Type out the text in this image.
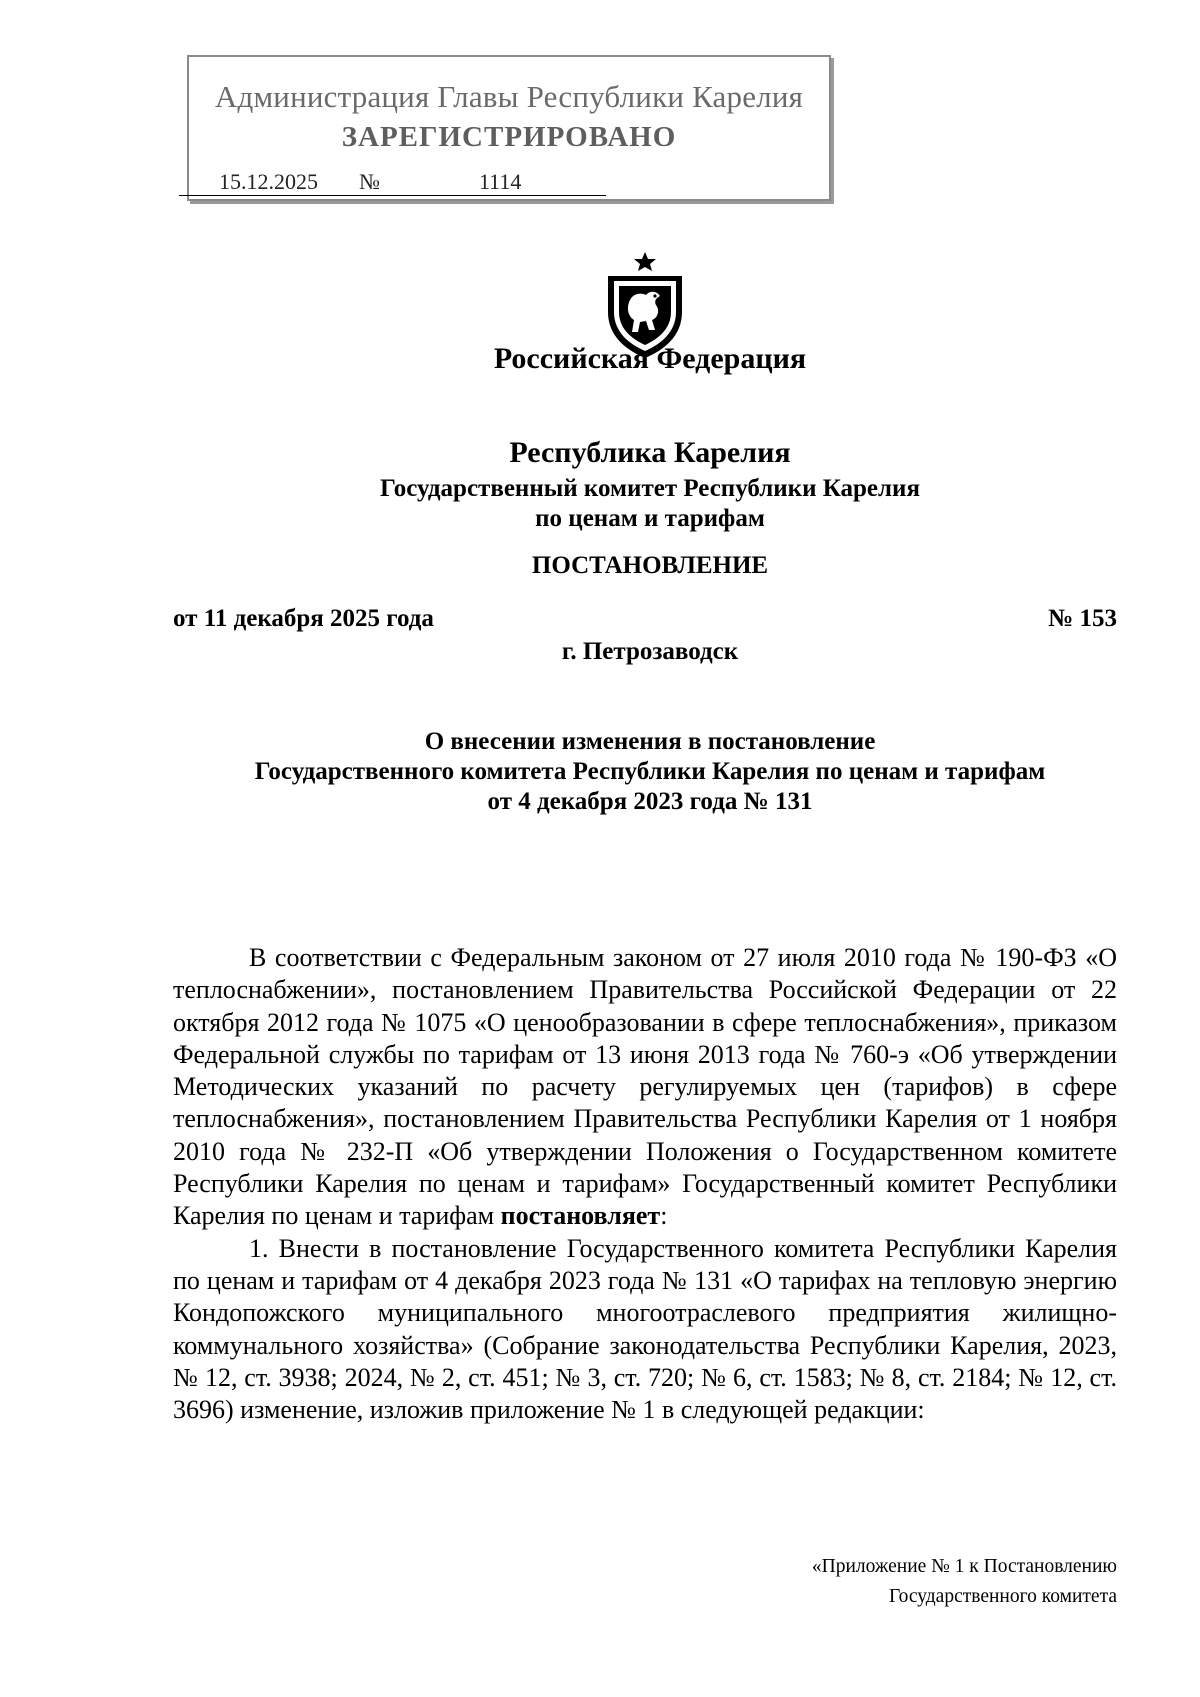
Администрация Главы Республики Карелия
ЗАРЕГИСТРИРОВАНО
15.12.2025 №	1114
Российская Федерация
Республика Карелия
Государственный комитет Республики Карелия
по ценам и тарифам
ПОСТАНОВЛЕНИЕ
от 11 декабря 2025 года	№ 153
г. Петрозаводск
О внесении изменения в постановление
Государственного комитета Республики Карелия по ценам и тарифам
от 4 декабря 2023 года № 131

В соответствии с Федеральным законом от 27 июля 2010 года № 190-ФЗ «О теплоснабжении», постановлением Правительства Российской Федерации от 22 октября 2012 года № 1075 «О ценообразовании в сфере теплоснабжения», приказом Федеральной службы по тарифам от 13 июня 2013 года № 760-э «Об утверждении Методических указаний по расчету регулируемых цен (тарифов) в сфере теплоснабжения», постановлением Правительства Республики Карелия от 1 ноября 2010 года № 232-П «Об утверждении Положения о Государственном комитете Республики Карелия по ценам и тарифам» Государственный комитет Республики Карелия по ценам и тарифам постановляет:

1. Внести в постановление Государственного комитета Республики Карелия по ценам и тарифам от 4 декабря 2023 года № 131 «О тарифах на тепловую энергию Кондопожского муниципального многоотраслевого предприятия жилищно-коммунального хозяйства» (Собрание законодательства Республики Карелия, 2023, № 12, ст. 3938; 2024, № 2, ст. 451; № 3, ст. 720; № 6, ст. 1583; № 8, ст. 2184; № 12, ст. 3696) изменение, изложив приложение № 1 в следующей редакции:

«Приложение № 1 к Постановлению
Государственного комитета
